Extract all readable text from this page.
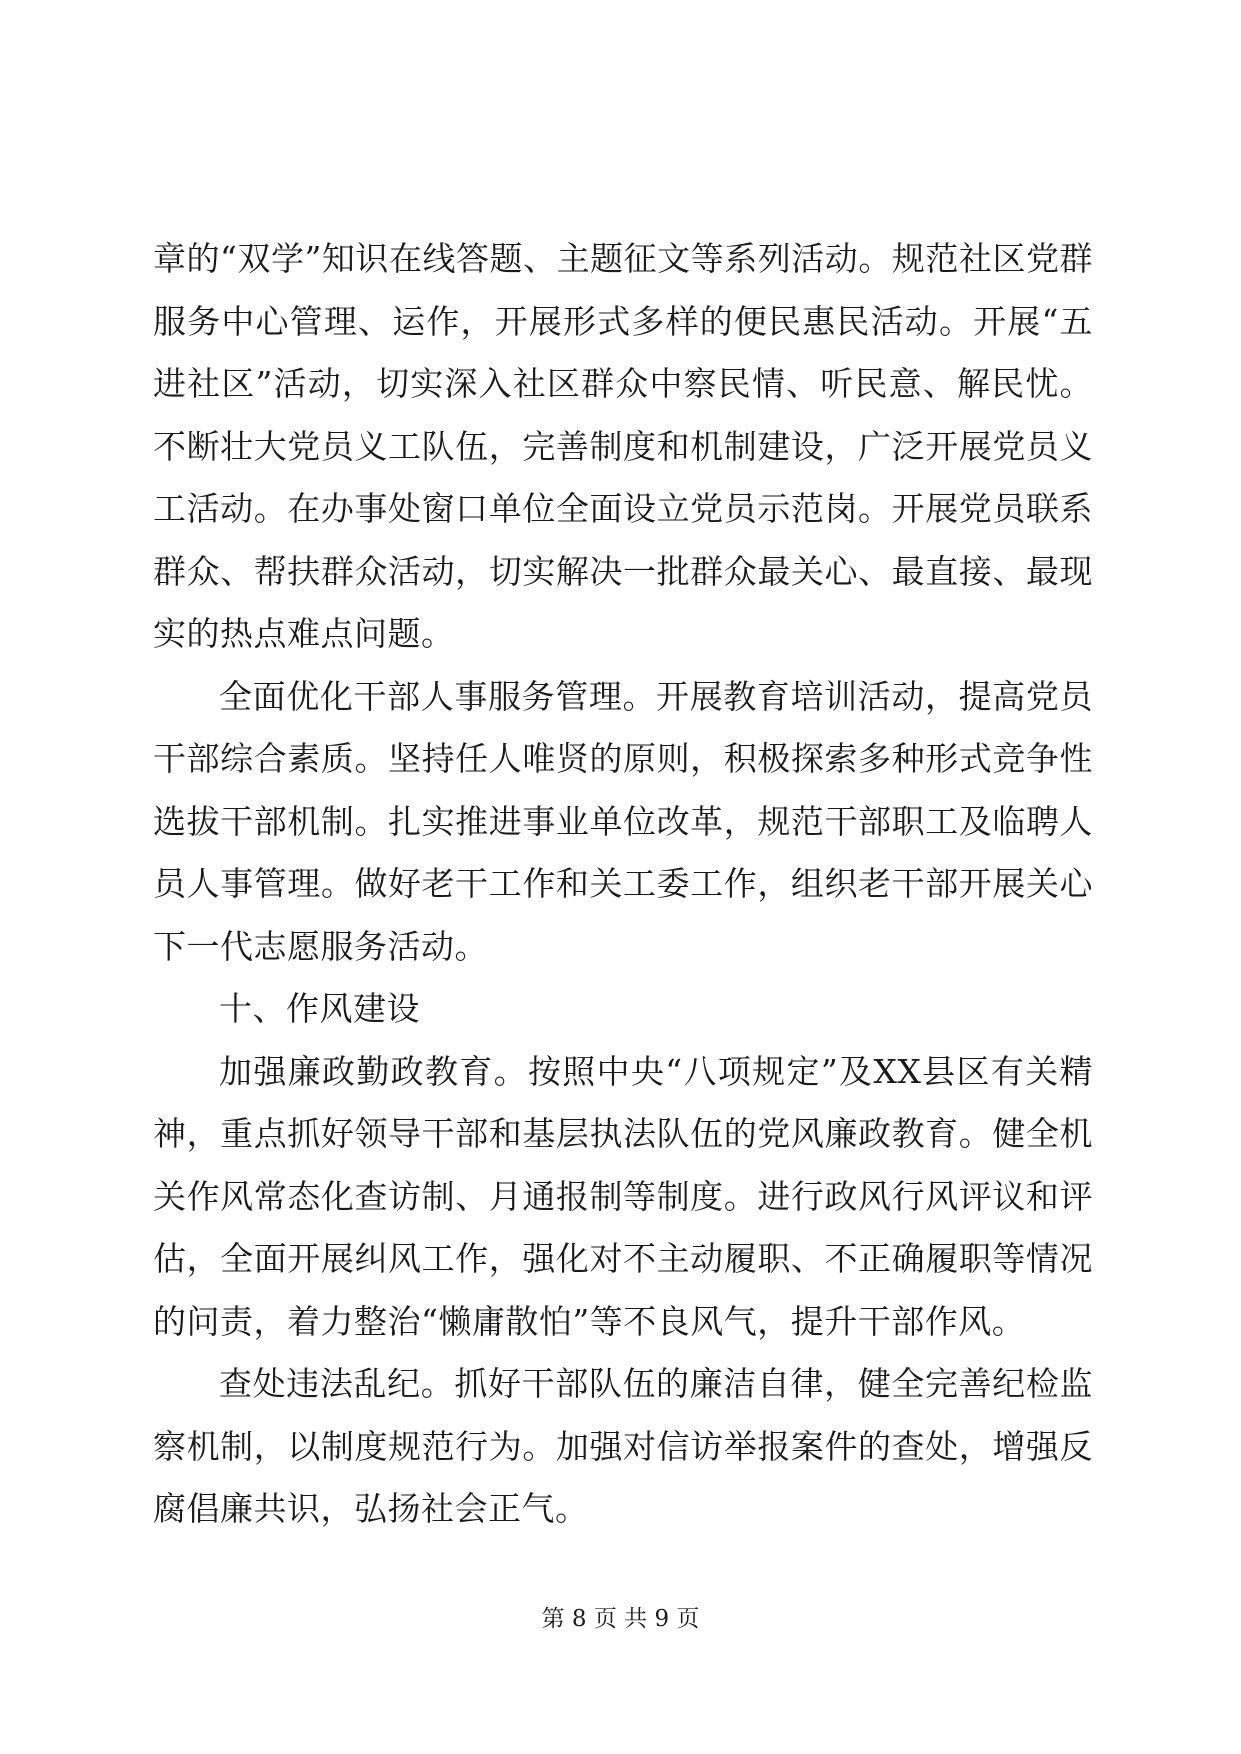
章的“双学”知识在线答题、主题征文等系列活动。规范社区党群服务中心管理、运作，开展形式多样的便民惠民活动。开展“五进社区”活动，切实深入社区群众中察民情、听民意、解民忧。不断壮大党员义工队伍，完善制度和机制建设，广泛开展党员义工活动。在办事处窗口单位全面设立党员示范岗。开展党员联系群众、帮扶群众活动，切实解决一批群众最关心、最直接、最现实的热点难点问题。

全面优化干部人事服务管理。开展教育培训活动，提高党员干部综合素质。坚持任人唯贤的原则，积极探索多种形式竞争性选拔干部机制。扎实推进事业单位改革，规范干部职工及临聘人员人事管理。做好老干工作和关工委工作，组织老干部开展关心下一代志愿服务活动。

十、作风建设

加强廉政勤政教育。按照中央“八项规定”及XX县区有关精神，重点抓好领导干部和基层执法队伍的党风廉政教育。健全机关作风常态化查访制、月通报制等制度。进行政风行风评议和评估，全面开展纠风工作，强化对不主动履职、不正确履职等情况的问责，着力整治“懒庸散怕”等不良风气，提升干部作风。

查处违法乱纪。抓好干部队伍的廉洁自律，健全完善纪检监察机制，以制度规范行为。加强对信访举报案件的查处，增强反腐倡廉共识，弘扬社会正气。

第 8 页 共 9 页
